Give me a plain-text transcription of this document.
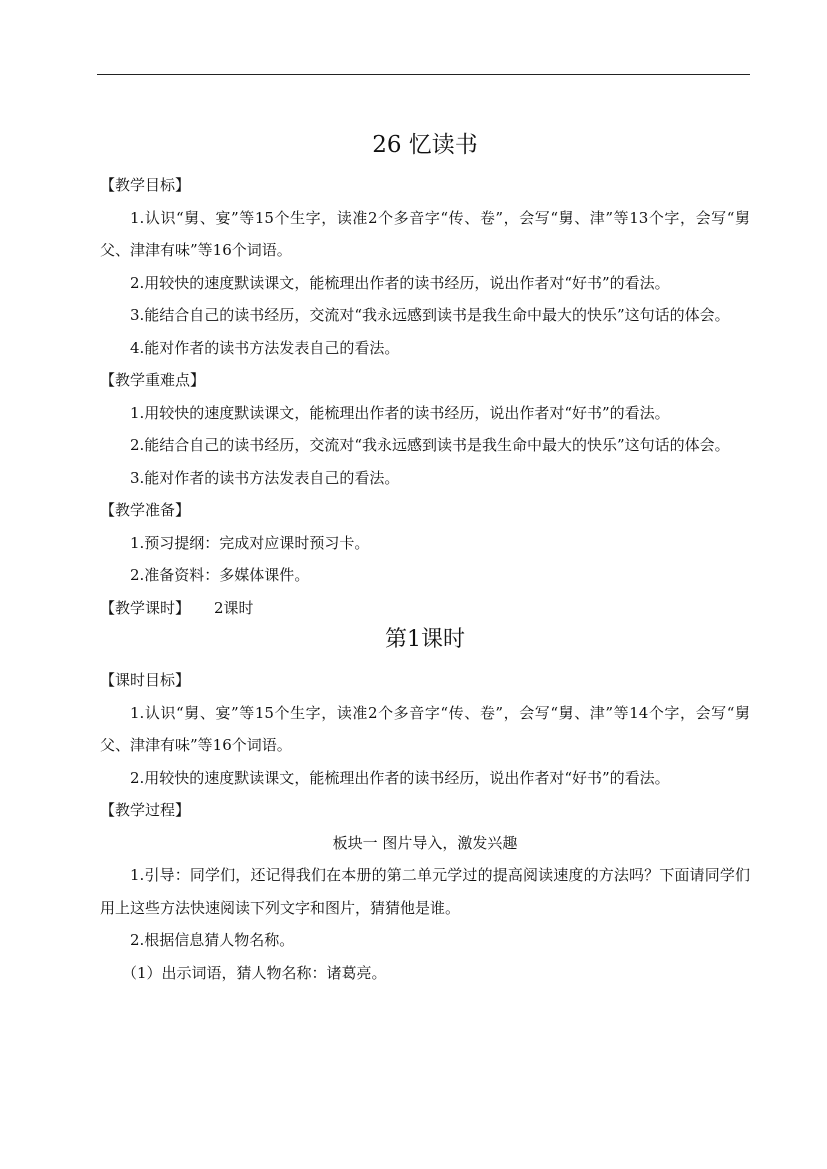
26 忆读书
【教学目标】

1.认识“舅、宴”等15个生字，读准2个多音字“传、卷”，会写“舅、津”等13个字，会写“舅父、津津有味”等16个词语。

2.用较快的速度默读课文，能梳理出作者的读书经历，说出作者对“好书”的看法。

3.能结合自己的读书经历，交流对“我永远感到读书是我生命中最大的快乐”这句话的体会。

4.能对作者的读书方法发表自己的看法。

【教学重难点】

1.用较快的速度默读课文，能梳理出作者的读书经历，说出作者对“好书”的看法。

2.能结合自己的读书经历，交流对“我永远感到读书是我生命中最大的快乐”这句话的体会。

3.能对作者的读书方法发表自己的看法。

【教学准备】

1.预习提纲：完成对应课时预习卡。

2.准备资料：多媒体课件。

【教学课时】 2课时
第1课时
【课时目标】

1.认识“舅、宴”等15个生字，读准2个多音字“传、卷”，会写“舅、津”等14个字，会写“舅父、津津有味”等16个词语。

2.用较快的速度默读课文，能梳理出作者的读书经历，说出作者对“好书”的看法。

【教学过程】
板块一 图片导入，激发兴趣

1.引导：同学们，还记得我们在本册的第二单元学过的提高阅读速度的方法吗？下面请同学们用上这些方法快速阅读下列文字和图片，猜猜他是谁。

2.根据信息猜人物名称。

（1）出示词语，猜人物名称：诸葛亮。
